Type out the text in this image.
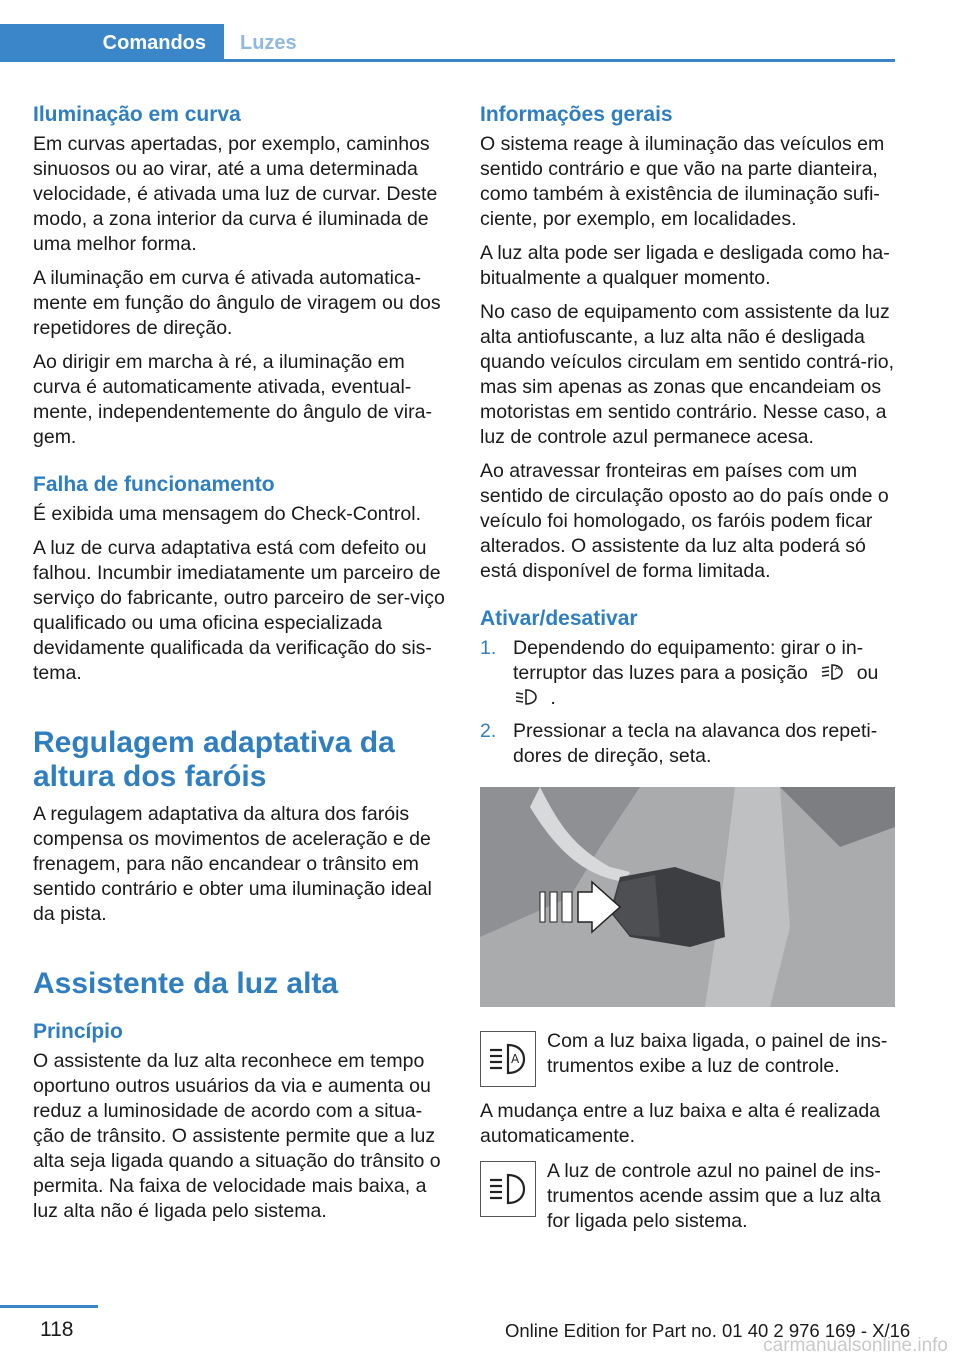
Comandos	Luzes
Iluminação em curva

Em curvas apertadas, por exemplo, caminhos sinuosos ou ao virar, até a uma determinada velocidade, é ativada uma luz de curvar. Deste modo, a zona interior da curva é iluminada de uma melhor forma.

A iluminação em curva é ativada automatica-mente em função do ângulo de viragem ou dos repetidores de direção.

Ao dirigir em marcha à ré, a iluminação em curva é automaticamente ativada, eventual-mente, independentemente do ângulo de vira-gem.

Falha de funcionamento

É exibida uma mensagem do Check-Control.

A luz de curva adaptativa está com defeito ou falhou. Incumbir imediatamente um parceiro de serviço do fabricante, outro parceiro de ser-viço qualificado ou uma oficina especializada devidamente qualificada da verificação do sis-tema.

Regulagem adaptativa da altura dos faróis

A regulagem adaptativa da altura dos faróis compensa os movimentos de aceleração e de frenagem, para não encandear o trânsito em sentido contrário e obter uma iluminação ideal da pista.

Assistente da luz alta
Princípio

O assistente da luz alta reconhece em tempo oportuno outros usuários da via e aumenta ou reduz a luminosidade de acordo com a situa-ção de trânsito. O assistente permite que a luz alta seja ligada quando a situação do trânsito o permita. Na faixa de velocidade mais baixa, a luz alta não é ligada pelo sistema.

Informações gerais

O sistema reage à iluminação das veículos em sentido contrário e que vão na parte dianteira, como também à existência de iluminação sufi-ciente, por exemplo, em localidades.

A luz alta pode ser ligada e desligada como ha-bitualmente a qualquer momento.

No caso de equipamento com assistente da luz alta antiofuscante, a luz alta não é desligada quando veículos circulam em sentido contrá-rio, mas sim apenas as zonas que encandeiam os motoristas em sentido contrário. Nesse caso, a luz de controle azul permanece acesa.

Ao atravessar fronteiras em países com um sentido de circulação oposto ao do país onde o veículo foi homologado, os faróis podem ficar alterados. O assistente da luz alta poderá só está disponível de forma limitada.

Ativar/desativar
1. Dependendo do equipamento: girar o in-terruptor das luzes para a posição	A ou
.
2. Pressionar a tecla na alavanca dos repeti-dores de direção, seta.
A

Com a luz baixa ligada, o painel de ins-trumentos exibe a luz de controle.

A mudança entre a luz baixa e alta é realizada automaticamente.

A luz de controle azul no painel de ins-trumentos acende assim que a luz alta for ligada pelo sistema.

118	Online Edition for Part no. 01 40 2 976 169 - X/16
carmanualsonline.info
